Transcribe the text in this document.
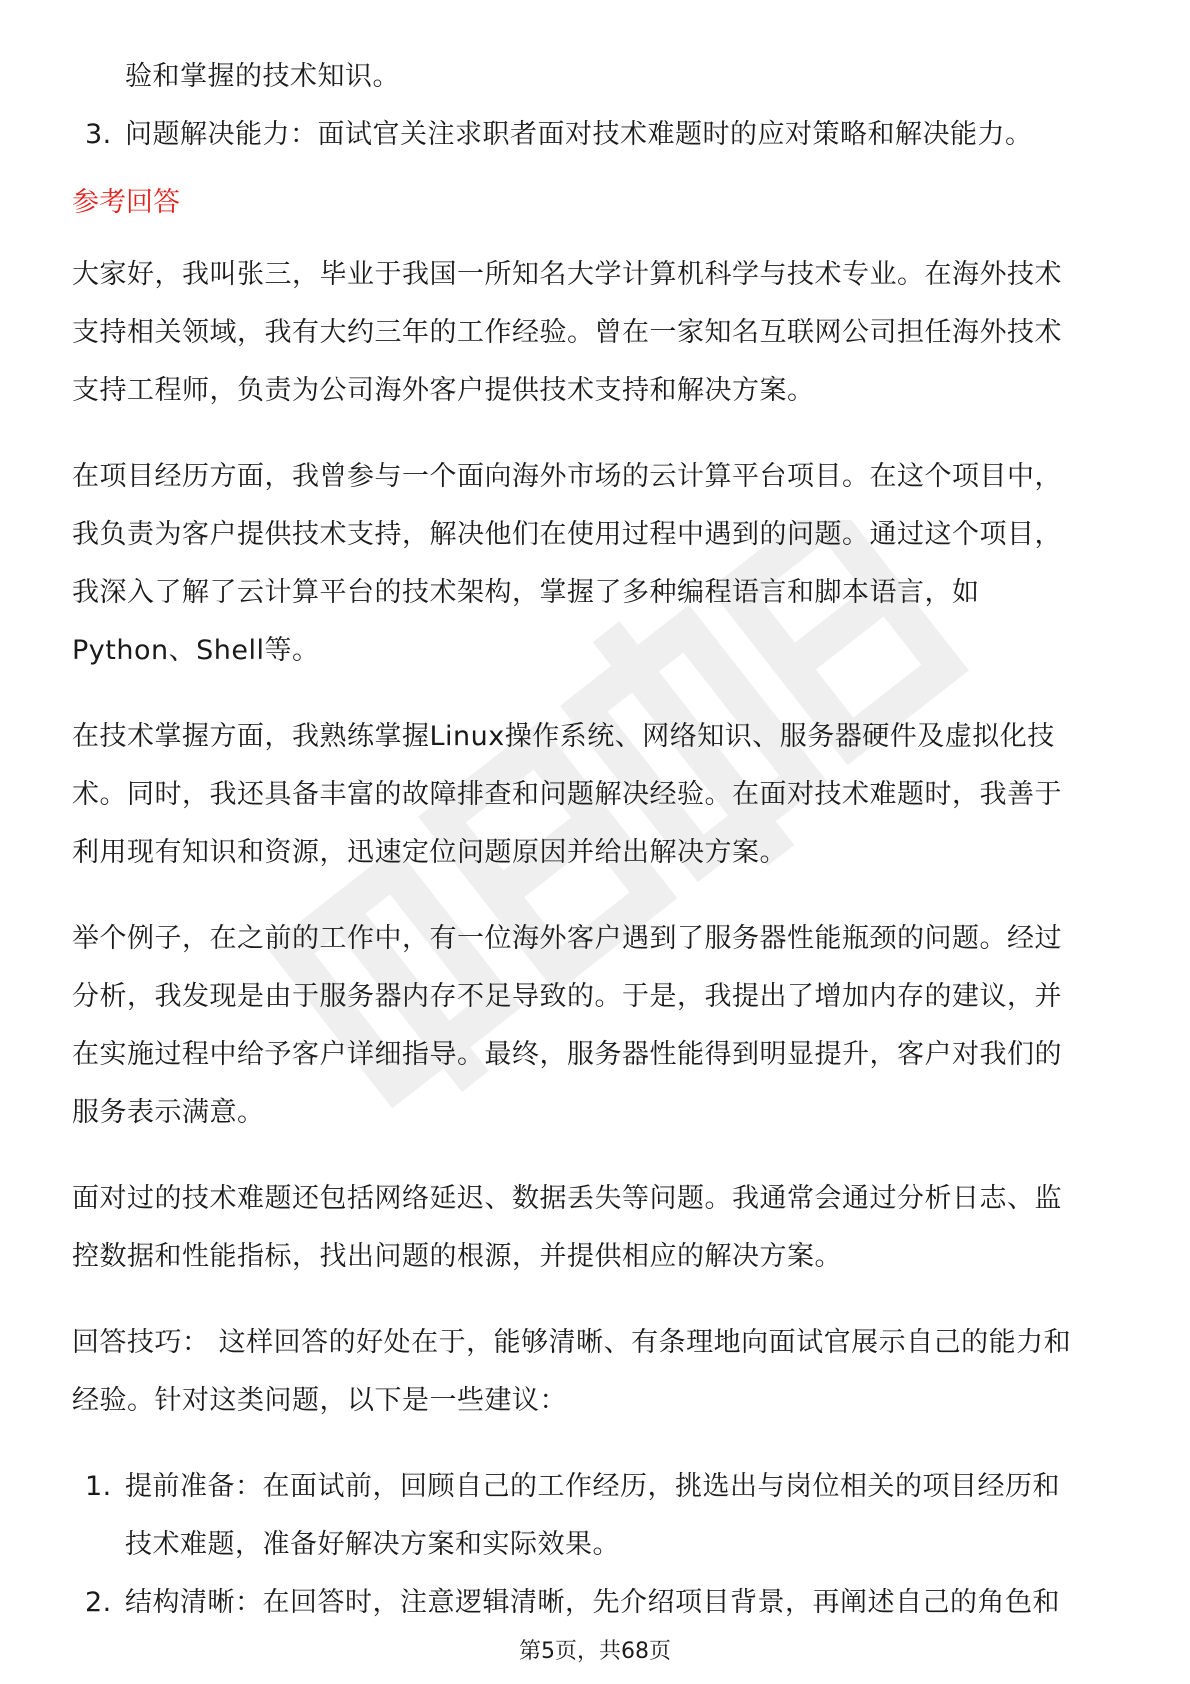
验和掌握的技术知识。
3. 问题解决能力：面试官关注求职者面对技术难题时的应对策略和解决能力。
参考回答
大家好，我叫张三，毕业于我国一所知名大学计算机科学与技术专业。在海外技术
支持相关领域，我有大约三年的工作经验。曾在一家知名互联网公司担任海外技术
支持工程师，负责为公司海外客户提供技术支持和解决方案。
在项目经历方面，我曾参与一个面向海外市场的云计算平台项目。在这个项目中，
我负责为客户提供技术支持，解决他们在使用过程中遇到的问题。通过这个项目，
我深入了解了云计算平台的技术架构，掌握了多种编程语言和脚本语言，如
Python、Shell等。
在技术掌握方面，我熟练掌握Linux操作系统、网络知识、服务器硬件及虚拟化技
术。同时，我还具备丰富的故障排查和问题解决经验。在面对技术难题时，我善于
利用现有知识和资源，迅速定位问题原因并给出解决方案。
举个例子，在之前的工作中，有一位海外客户遇到了服务器性能瓶颈的问题。经过
分析，我发现是由于服务器内存不足导致的。于是，我提出了增加内存的建议，并
在实施过程中给予客户详细指导。最终，服务器性能得到明显提升，客户对我们的
服务表示满意。
面对过的技术难题还包括网络延迟、数据丢失等问题。我通常会通过分析日志、监
控数据和性能指标，找出问题的根源，并提供相应的解决方案。
回答技巧： 这样回答的好处在于，能够清晰、有条理地向面试官展示自己的能力和
经验。针对这类问题，以下是一些建议：
1. 提前准备：在面试前，回顾自己的工作经历，挑选出与岗位相关的项目经历和
技术难题，准备好解决方案和实际效果。
2. 结构清晰：在回答时，注意逻辑清晰，先介绍项目背景，再阐述自己的角色和
第5页，共68页
